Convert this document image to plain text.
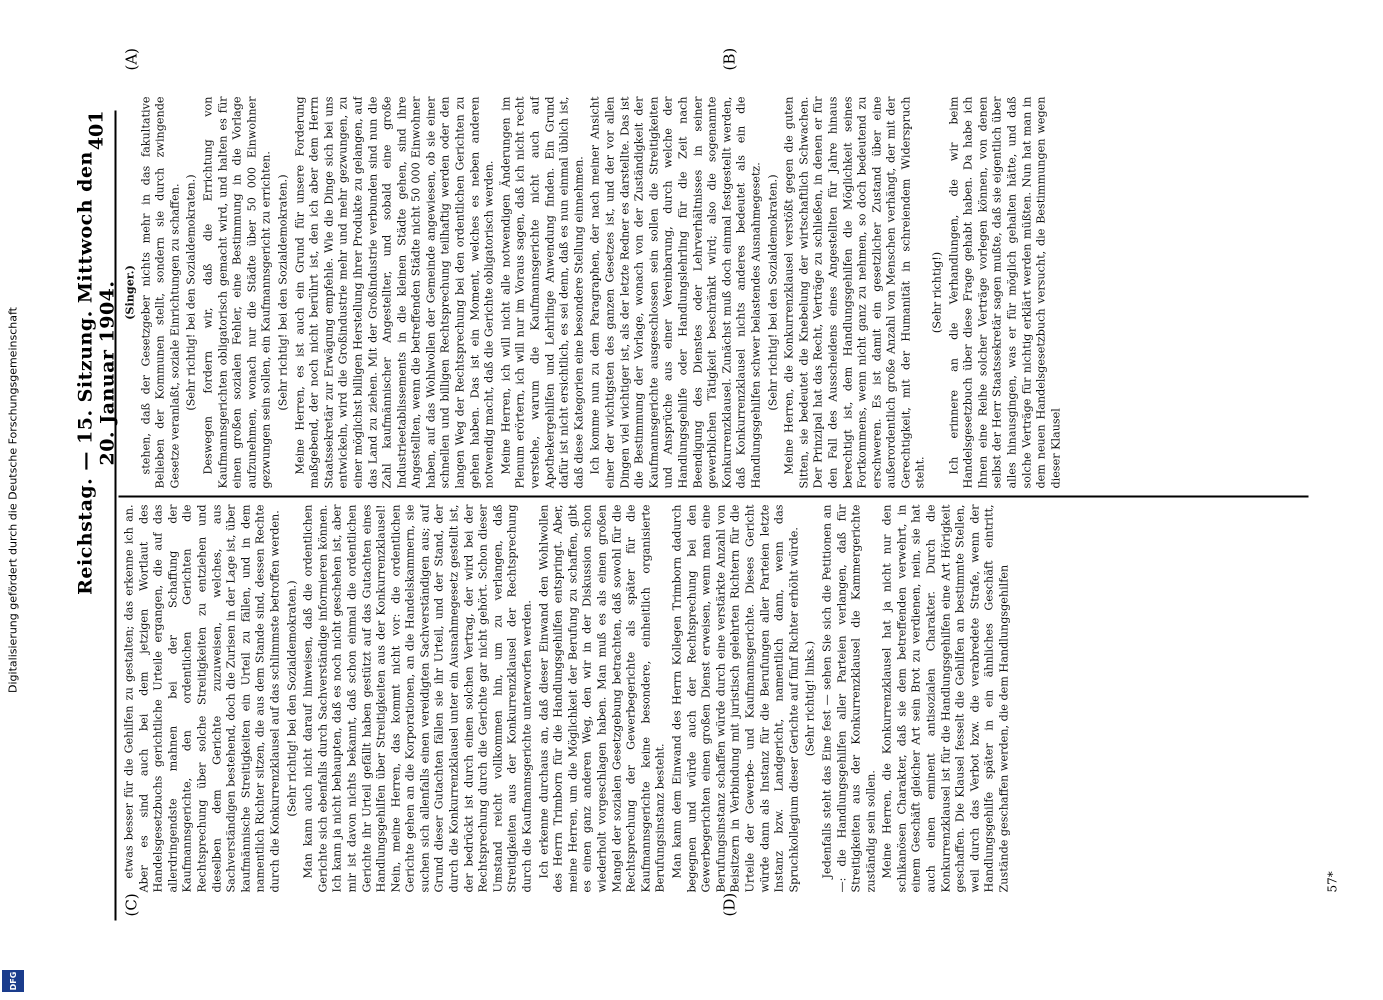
Digitalisierung gefördert durch die Deutsche Forschungsgemeinschaft
DFG
Reichstag. — 15. Sitzung. Mittwoch den 20. Januar 1904.
401
(C)	(D)
(A)	(B)

etwas besser für die Gehilfen zu gestalten; das erkenne ich an. Aber es sind auch bei dem jetzigen Wortlaut des Handelsgesetzbuchs gerichtliche Urteile ergangen, die auf das allerdringendste mahnen bei der Schaffung der Kaufmannsgerichte, den ordentlichen Gerichten die Rechtsprechung über solche Streitigkeiten zu entziehen und dieselben dem Gerichte zuzuweisen, welches, aus Sachverständigen bestehend, doch die Zurisen in der Lage ist, über kaufmännische Streitigkeiten ein Urteil zu fällen, und in dem namentlich Richter sitzen, die aus dem Stande sind, dessen Rechte durch die Konkurrenzklausel auf das schlimmste betroffen werden. (Sehr richtig! bei den Sozialdemokraten.) Man kann auch nicht darauf hinweisen, daß die ordentlichen Gerichte sich ebenfalls durch Sachverständige informieren können. Ich kann ja nicht behaupten, daß es noch nicht geschehen ist, aber mir ist davon nichts bekannt, daß schon einmal die ordentlichen Gerichte ihr Urteil gefällt haben gestützt auf das Gutachten eines Handlungsgehilfen über Streitigkeiten aus der Konkurrenzklausel! Nein, meine Herren, das kommt nicht vor: die ordentlichen Gerichte gehen an die Korporationen, an die Handelskammern, sie suchen sich allenfalls einen vereidigten Sachverständigen aus; auf Grund dieser Gutachten fällen sie ihr Urteil, und der Stand, der durch die Konkurrenzklausel unter ein Ausnahmegesetz gestellt ist, der bedrückt ist durch einen solchen Vertrag, der wird bei der Rechtsprechung durch die Gerichte gar nicht gehört. Schon dieser Umstand reicht vollkommen hin, um zu verlangen, daß Streitigkeiten aus der Konkurrenzklausel der Rechtsprechung durch die Kaufmannsgerichte unterworfen werden. Ich erkenne durchaus an, daß dieser Einwand den Wohlwollen des Herrn Trimborn für die Handlungsgehilfen entspringt. Aber, meine Herren, um die Möglichkeit der Berufung zu schaffen, gibt es einen ganz anderen Weg, den wir in der Diskussion schon wiederholt vorgeschlagen haben. Man muß es als einen großen Mangel der sozialen Gesetzgebung betrachten, daß sowohl für die Rechtsprechung der Gewerbegerichte als später für die Kaufmannsgerichte keine besondere, einheitlich organisierte Berufungsinstanz besteht. Man kann dem Einwand des Herrn Kollegen Trimborn dadurch begegnen und würde auch der Rechtsprechung bei den Gewerbegerichten einen großen Dienst erweisen, wenn man eine Berufungsinstanz schaffen würde durch eine verstärkte Anzahl von Beisitzern in Verbindung mit juristisch gelehrten Richtern für die Urteile der Gewerbe- und Kaufmannsgerichte. Dieses Gericht würde dann als Instanz für die Berufungen aller Parteien letzte Instanz bzw. Landgericht, namentlich dann, wenn das Spruchkollegium dieser Gerichte auf fünf Richter erhöht würde. (Sehr richtig! links.) Jedenfalls steht das Eine fest — sehen Sie sich die Petitionen an —: die Handlungsgehilfen aller Parteien verlangen, daß für Streitigkeiten aus der Konkurrenzklausel die Kammergerichte zuständig sein sollen. Meine Herren, die Konkurrenzklausel hat ja nicht nur den schikanösen Charakter, daß sie dem betreffenden verwehrt, in einem Geschäft gleicher Art sein Brot zu verdienen, nein, sie hat auch einen eminent antisozialen Charakter. Durch die Konkurrenzklausel ist für die Handlungsgehilfen eine Art Hörigkeit geschaffen. Die Klausel fesselt die Gehilfen an bestimmte Stellen, weil durch das Verbot bzw. die verabredete Strafe, wenn der Handlungsgehilfe später in ein ähnliches Geschäft eintritt, Zustände geschaffen werden, die dem Handlungsgehilfen

(Singer.) stehen, daß der Gesetzgeber nichts mehr in das fakultative Belieben der Kommunen stellt, sondern sie durch zwingende Gesetze veranlaßt, soziale Einrichtungen zu schaffen. (Sehr richtig! bei den Sozialdemokraten.) Deswegen fordern wir, daß die Errichtung von Kaufmannsgerichten obligatorisch gemacht wird, und halten es für einen großen sozialen Fehler, eine Bestimmung in die Vorlage aufzunehmen, wonach nur die Städte über 50 000 Einwohner gezwungen sein sollen, ein Kaufmannsgericht zu errichten. (Sehr richtig! bei den Sozialdemokraten.) Meine Herren, es ist auch ein Grund für unsere Forderung maßgebend, der noch nicht berührt ist, den ich aber dem Herrn Staatssekretär zur Erwägung empfehle. Wie die Dinge sich bei uns entwickeln, wird die Großindustrie mehr und mehr gezwungen, zu einer möglichst billigen Herstellung ihrer Produkte zu gelangen, auf das Land zu ziehen. Mit der Großindustrie verbunden sind nun die Zahl kaufmännischer Angestellter, und sobald eine große Industrieetablissements in die kleinen Städte gehen, sind ihre Angestellten, wenn die betreffenden Städte nicht 50 000 Einwohner haben, auf das Wohlwollen der Gemeinde angewiesen, ob sie einer schnellen und billigen Rechtsprechung teilhaftig werden oder den langen Weg der Rechtsprechung bei den ordentlichen Gerichten zu gehen haben. Das ist ein Moment, welches es neben anderen notwendig macht, daß die Gerichte obligatorisch werden. Meine Herren, ich will nicht alle notwendigen Änderungen im Plenum erörtern, ich will nur im Voraus sagen, daß ich nicht recht verstehe, warum die Kaufmannsgerichte nicht auch auf Apothekergehilfen und Lehrlinge Anwendung finden. Ein Grund dafür ist nicht ersichtlich, es sei denn, daß es nun einmal üblich ist, daß diese Kategorien eine besondere Stellung einnehmen. Ich komme nun zu dem Paragraphen, der nach meiner Ansicht einer der wichtigsten des ganzen Gesetzes ist, und der vor allen Dingen viel wichtiger ist, als der letzte Redner es darstellte. Das ist die Bestimmung der Vorlage, wonach von der Zuständigkeit der Kaufmannsgerichte ausgeschlossen sein sollen die Streitigkeiten und Ansprüche aus einer Vereinbarung, durch welche der Handlungsgehilfe oder Handlungslehrling für die Zeit nach Beendigung des Dienstes oder Lehrverhältnisses in seiner gewerblichen Tätigkeit beschränkt wird; also die sogenannte Konkurrenzklausel. Zunächst muß doch einmal festgestellt werden, daß Konkurrenzklausel nichts anderes bedeutet als ein die Handlungsgehilfen schwer belastendes Ausnahmegesetz. (Sehr richtig! bei den Sozialdemokraten.) Meine Herren, die Konkurrenzklausel verstößt gegen die guten Sitten, sie bedeutet die Knebelung der wirtschaftlich Schwachen. Der Prinzipal hat das Recht, Verträge zu schließen, in denen er für den Fall des Ausscheidens eines Angestellten für Jahre hinaus berechtigt ist, dem Handlungsgehilfen die Möglichkeit seines Fortkommens, wenn nicht ganz zu nehmen, so doch bedeutend zu erschweren. Es ist damit ein gesetzlicher Zustand über eine außerordentlich große Anzahl von Menschen verhängt, der mit der Gerechtigkeit, mit der Humanität in schreiendem Widerspruch steht.

(Sehr richtig!) Ich erinnere an die Verhandlungen, die wir beim Handelsgesetzbuch über diese Frage gehabt haben. Da habe ich Ihnen eine Reihe solcher Verträge vorlegen können, von denen selbst der Herr Staatssekretär sagen mußte, daß sie eigentlich über alles hinausgingen, was er für möglich gehalten hätte, und daß solche Verträge für nichtig erklärt werden müßten. Nun hat man in dem neuen Handelsgesetzbuch versucht, die Bestimmungen wegen dieser Klausel

57*
